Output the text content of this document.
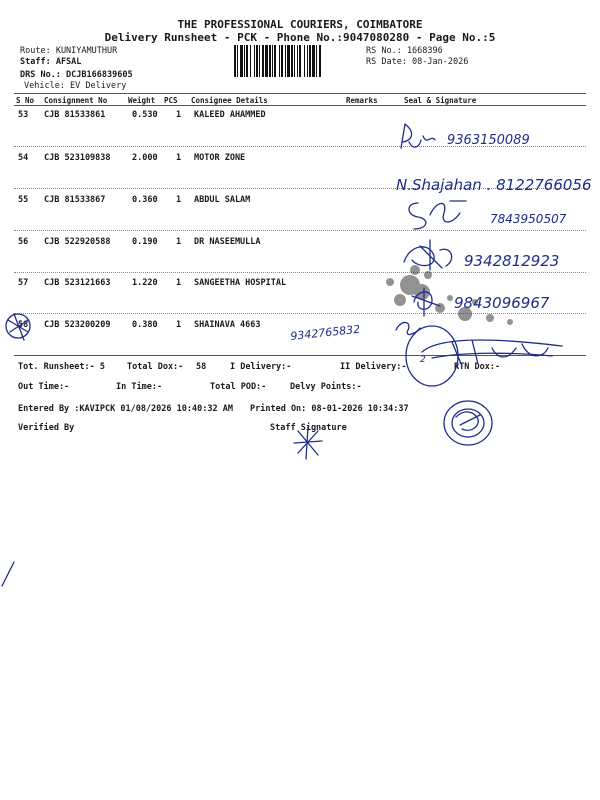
THE PROFESSIONAL COURIERS, COIMBATORE
Delivery Runsheet - PCK - Phone No.:9047080280 - Page No.:5
Route: KUNIYAMUTHUR
Staff: AFSAL
DRS No.: DCJB166839605
Vehicle: EV Delivery
RS No.: 1668396
RS Date: 08-Jan-2026
S No Consignment No	Weight PCS Consignee Details	Remarks	Seal & Signature
53 CJB 81533861	0.530 1 KALEED AHAMMED
54 CJB 523109838	2.000 1 MOTOR ZONE
55 CJB 81533867	0.360 1 ABDUL SALAM
56 CJB 522920588	0.190 1 DR NASEEMULLA
57 CJB 523121663	1.220 1 SANGEETHA HOSPITAL
58 CJB 523200209	0.380 1 SHAINAVA 4663
Tot. Runsheet:- 5	Total Dox:- 58	I Delivery:-	II Delivery:-	RTN Dox:-
Out Time:-	In Time:-	Total POD:-	Delvy Points:-
Entered By :KAVIPCK 01/08/2026 10:40:32 AM Printed On: 08-01-2026 10:34:37
Verified By	Staff Signature
9363150089
N.Shajahan . 8122766056
7843950507
9342812923
9843096967
9342765832
2
